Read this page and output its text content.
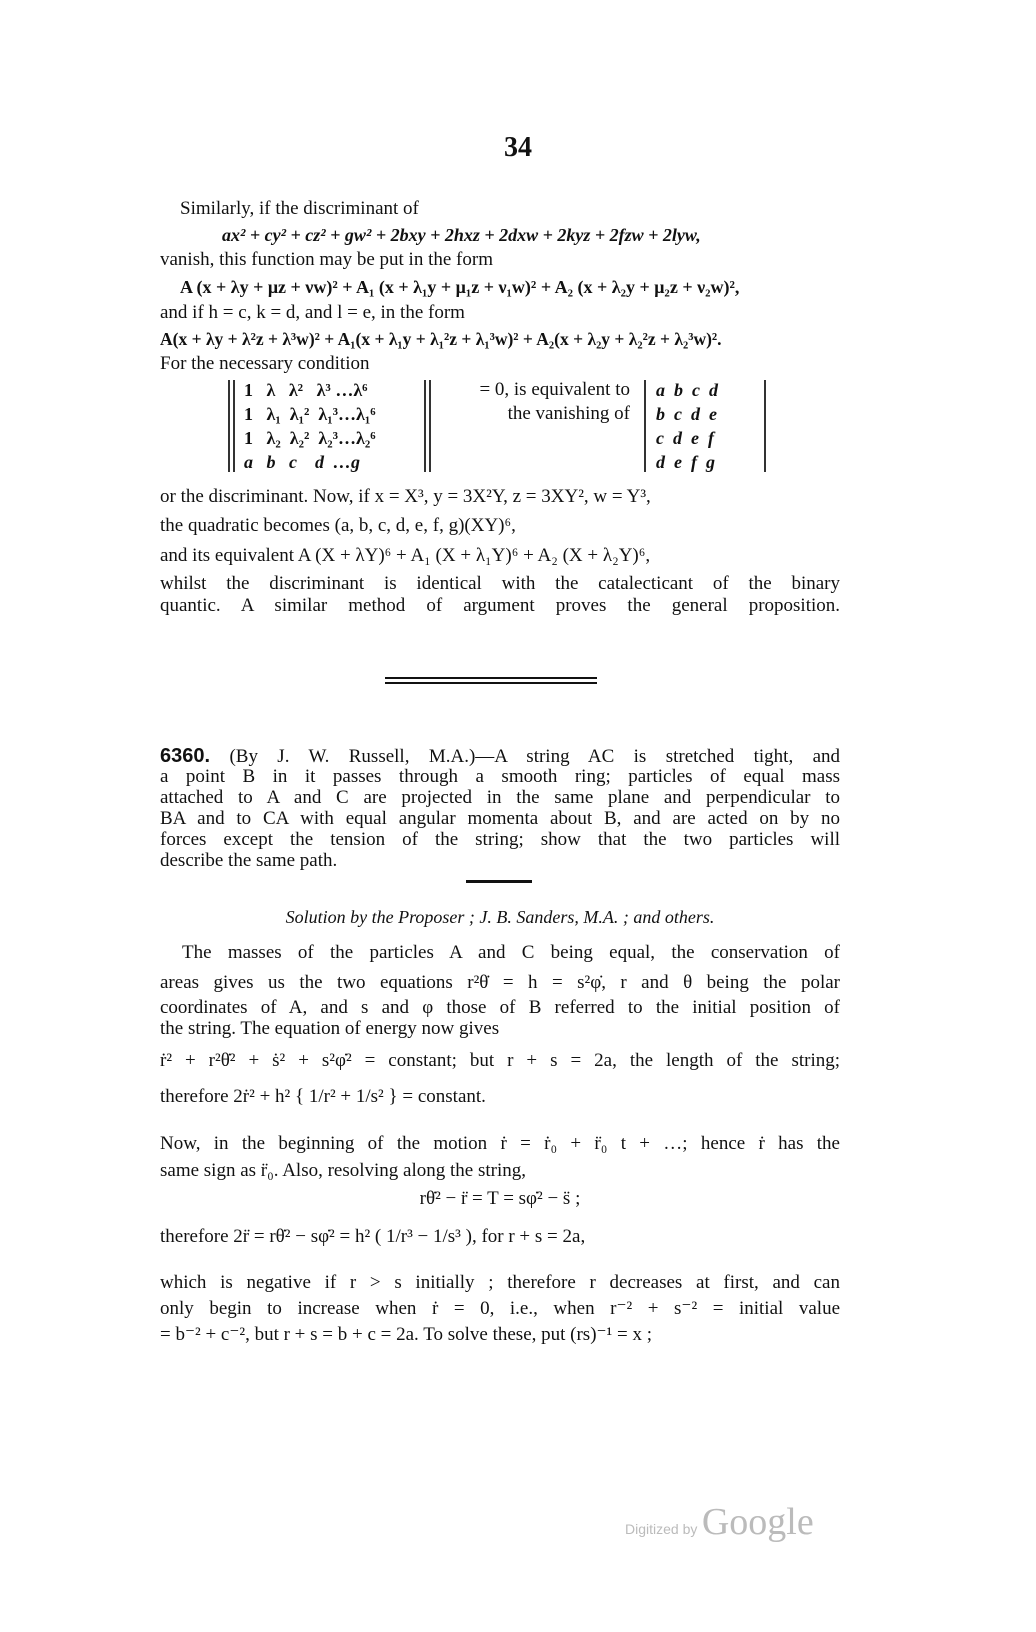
34
Similarly, if the discriminant of
ax² + cy² + cz² + gw² + 2bxy + 2hxz + 2dxw + 2kyz + 2fzw + 2lyw,
vanish, this function may be put in the form
A (x + λy + μz + νw)² + A₁ (x + λ₁y + μ₁z + ν₁w)² + A₂ (x + λ₂y + μ₂z + ν₂w)²,
and if h = c, k = d, and l = e, in the form
A(x + λy + λ²z + λ³w)² + A₁(x + λ₁y + λ₁²z + λ₁³w)² + A₂(x + λ₂y + λ₂²z + λ₂³w)².
For the necessary condition
1   λ   λ²   λ³ …λ⁶
1   λ₁  λ₁²  λ₁³…λ₁⁶
1   λ₂  λ₂²  λ₂³…λ₂⁶
a   b   c    d  …g
= 0, is equivalent to
the vanishing of
a  b  c  d
b  c  d  e
c  d  e  f
d  e  f  g
or the discriminant. Now, if x = X³, y = 3X²Y, z = 3XY², w = Y³,
the quadratic becomes (a, b, c, d, e, f, g)(XY)⁶,
and its equivalent A (X + λY)⁶ + A₁ (X + λ₁Y)⁶ + A₂ (X + λ₂Y)⁶,
whilst the discriminant is identical with the catalecticant of the binary
quantic. A similar method of argument proves the general proposition.
6360. (By J. W. Russell, M.A.)—A string AC is stretched tight, and
a point B in it passes through a smooth ring; particles of equal mass
attached to A and C are projected in the same plane and perpendicular to
BA and to CA with equal angular momenta about B, and are acted on by no
forces except the tension of the string; show that the two particles will
describe the same path.
Solution by the Proposer ; J. B. Sanders, M.A. ; and others.
The masses of the particles A and C being equal, the conservation of
areas gives us the two equations r²θ̇ = h = s²φ̇, r and θ being the polar
coordinates of A, and s and φ those of B referred to the initial position of
the string. The equation of energy now gives
ṙ² + r²θ̇² + ṡ² + s²φ̇² = constant; but r + s = 2a, the length of the string;
therefore 2ṙ² + h² { 1/r² + 1/s² } = constant.
Now, in the beginning of the motion ṙ = ṙ₀ + r̈₀ t + …; hence ṙ has the
same sign as r̈₀. Also, resolving along the string,
rθ̇² − r̈ = T = sφ̇² − s̈ ;
therefore 2r̈ = rθ̇² − sφ̇² = h² ( 1/r³ − 1/s³ ), for r + s = 2a,
which is negative if r > s initially ; therefore r decreases at first, and can
only begin to increase when ṙ = 0, i.e., when r⁻² + s⁻² = initial value
= b⁻² + c⁻², but r + s = b + c = 2a. To solve these, put (rs)⁻¹ = x ;
Digitized by Google
